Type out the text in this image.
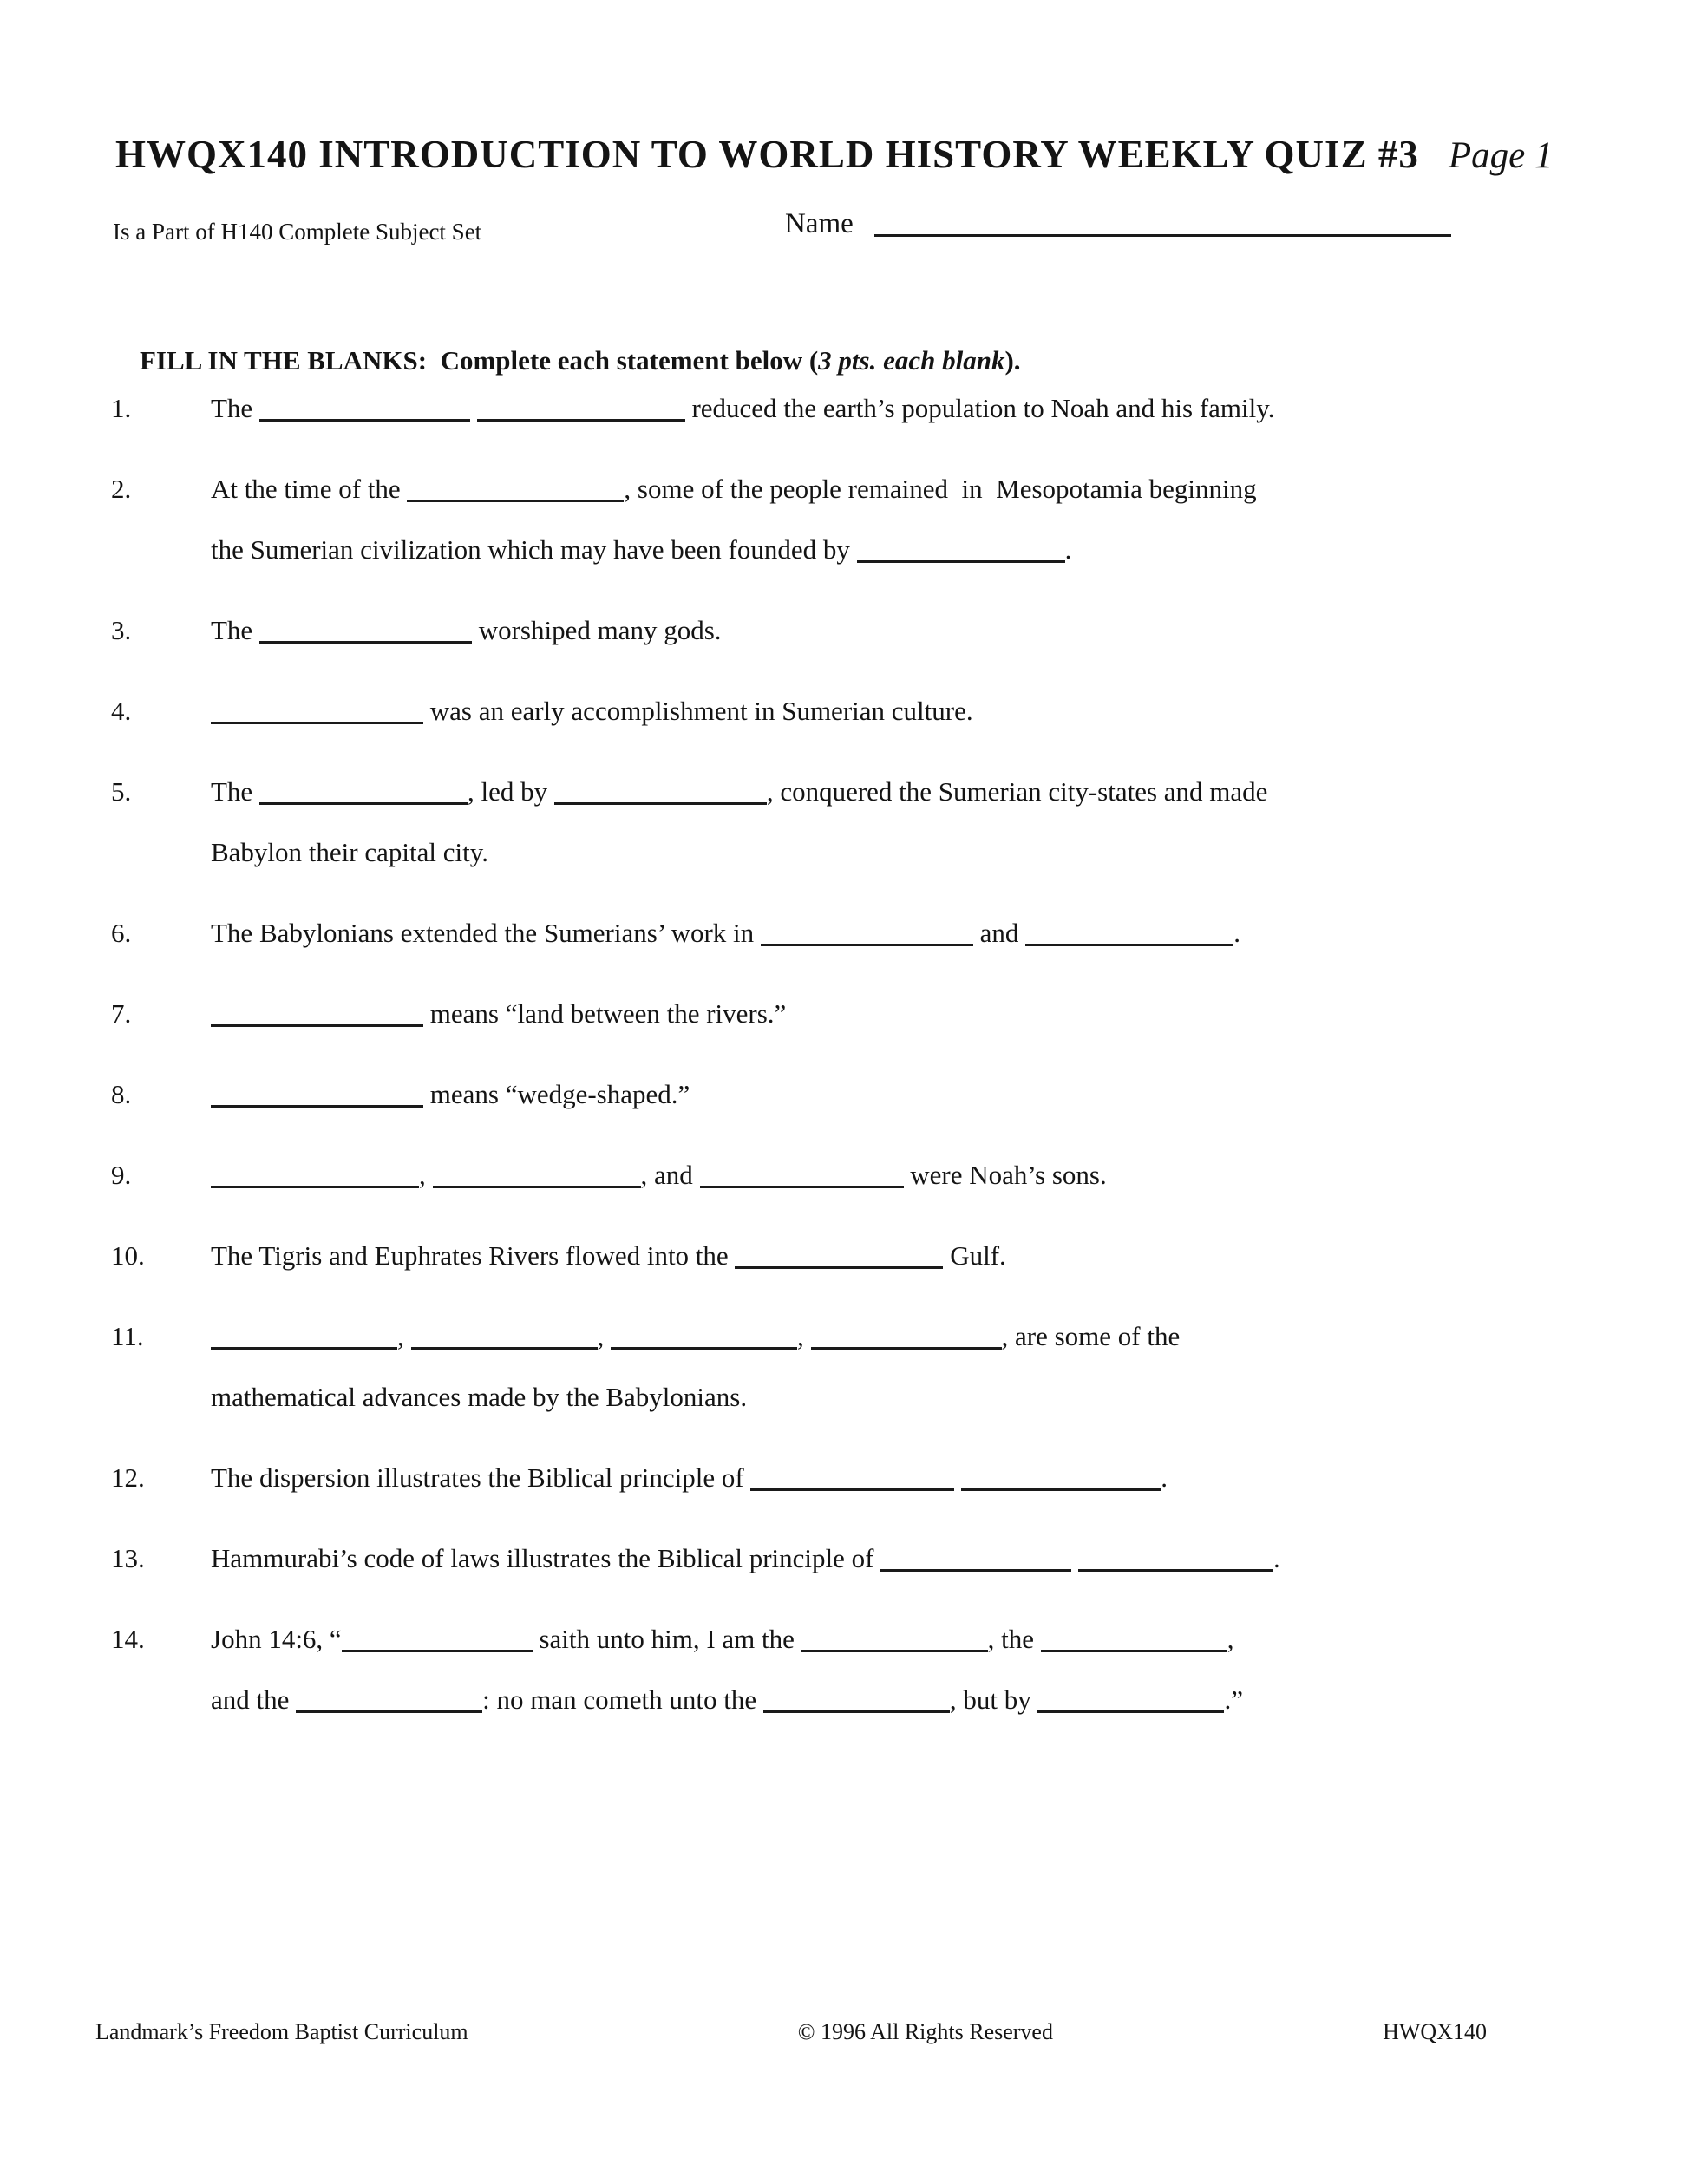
HWQX140 INTRODUCTION TO WORLD HISTORY WEEKLY QUIZ #3 Page 1
Is a Part of H140 Complete Subject Set	Name

FILL IN THE BLANKS:  Complete each statement below (3 pts. each blank).

1.	The	reduced the earth’s population to Noah and his family.
2.	At the time of the	, some of the people remained  in  Mesopotamia beginning
the Sumerian civilization which may have been founded by	.
3.	The	worshiped many gods.
4.	was an early accomplishment in Sumerian culture.
5.	The	, led by	, conquered the Sumerian city-states and made
Babylon their capital city.
6.	The Babylonians extended the Sumerians’ work in	and	.
7.	means “land between the rivers.”
8.	means “wedge-shaped.”
9.	,	, and	were Noah’s sons.
10.	The Tigris and Euphrates Rivers flowed into the	Gulf.
11.	,	,	,	, are some of the
mathematical advances made by the Babylonians.
12.	The dispersion illustrates the Biblical principle of	.
13.	Hammurabi’s code of laws illustrates the Biblical principle of	.
14.	John 14:6, “	saith unto him, I am the	, the	,
and the	: no man cometh unto the	, but by	.”
Landmark’s Freedom Baptist Curriculum	© 1996 All Rights Reserved	HWQX140
